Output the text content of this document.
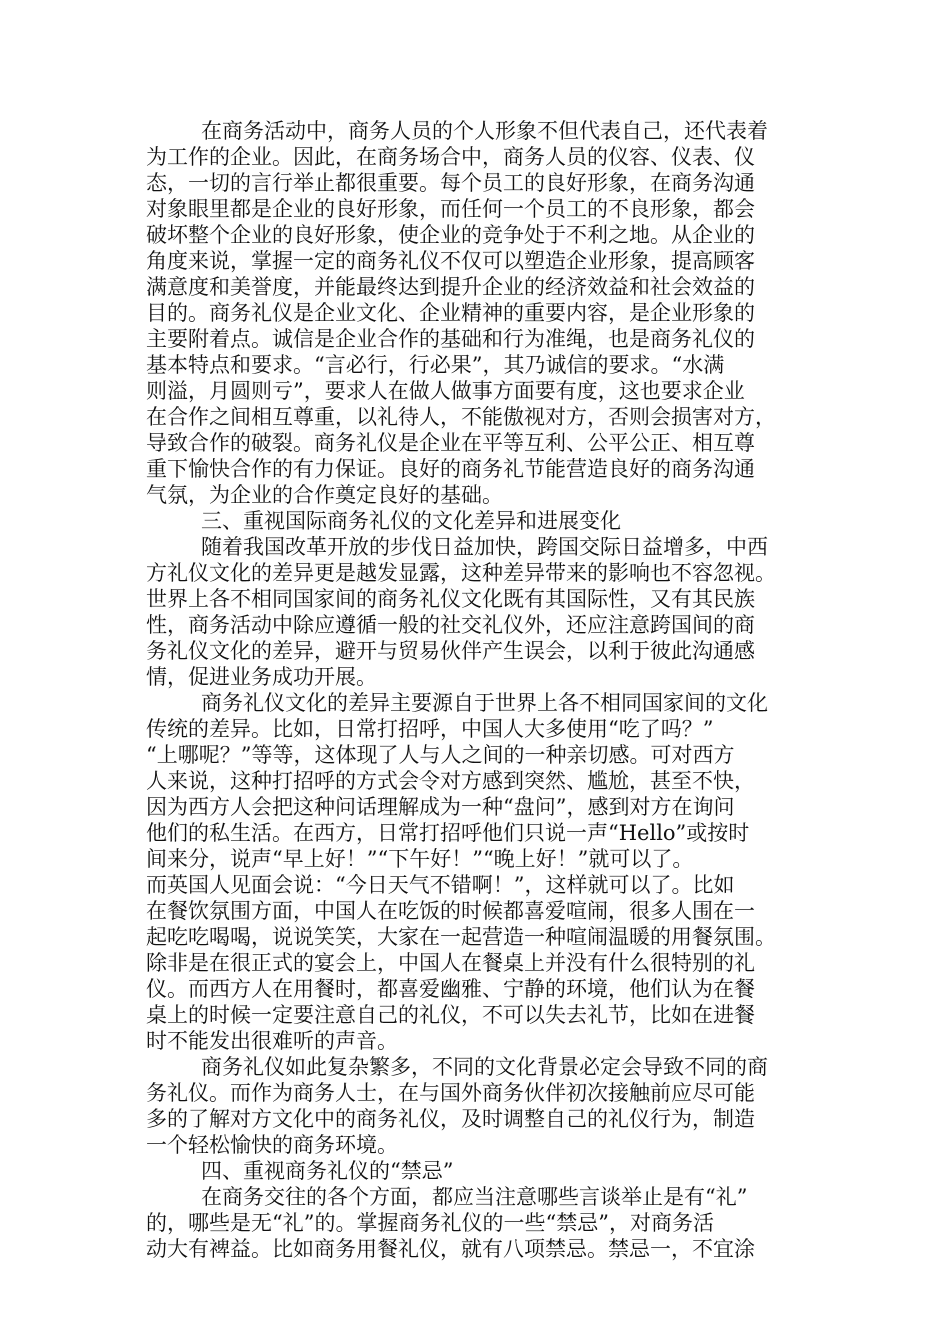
在商务活动中，商务人员的个人形象不但代表自己，还代表着
为工作的企业。因此，在商务场合中，商务人员的仪容、仪表、仪
态，一切的言行举止都很重要。每个员工的良好形象，在商务沟通
对象眼里都是企业的良好形象，而任何一个员工的不良形象，都会
破坏整个企业的良好形象，使企业的竞争处于不利之地。从企业的
角度来说，掌握一定的商务礼仪不仅可以塑造企业形象，提高顾客
满意度和美誉度，并能最终达到提升企业的经济效益和社会效益的
目的。商务礼仪是企业文化、企业精神的重要内容，是企业形象的
主要附着点。诚信是企业合作的基础和行为准绳，也是商务礼仪的
基本特点和要求。“言必行，行必果”，其乃诚信的要求。“水满
则溢，月圆则亏”，要求人在做人做事方面要有度，这也要求企业
在合作之间相互尊重，以礼待人，不能傲视对方，否则会损害对方，
导致合作的破裂。商务礼仪是企业在平等互利、公平公正、相互尊
重下愉快合作的有力保证。良好的商务礼节能营造良好的商务沟通
气氛，为企业的合作奠定良好的基础。
三、重视国际商务礼仪的文化差异和进展变化
随着我国改革开放的步伐日益加快，跨国交际日益增多，中西
方礼仪文化的差异更是越发显露，这种差异带来的影响也不容忽视。
世界上各不相同国家间的商务礼仪文化既有其国际性，又有其民族
性，商务活动中除应遵循一般的社交礼仪外，还应注意跨国间的商
务礼仪文化的差异，避开与贸易伙伴产生误会，以利于彼此沟通感
情，促进业务成功开展。
商务礼仪文化的差异主要源自于世界上各不相同国家间的文化
传统的差异。比如，日常打招呼，中国人大多使用“吃了吗？”
“上哪呢？”等等，这体现了人与人之间的一种亲切感。可对西方
人来说，这种打招呼的方式会令对方感到突然、尴尬，甚至不快，
因为西方人会把这种问话理解成为一种“盘问”，感到对方在询问
他们的私生活。在西方，日常打招呼他们只说一声“Hello”或按时
间来分，说声“早上好！”“下午好！”“晚上好！”就可以了。
而英国人见面会说：“今日天气不错啊！”，这样就可以了。比如
在餐饮氛围方面，中国人在吃饭的时候都喜爱喧闹，很多人围在一
起吃吃喝喝，说说笑笑，大家在一起营造一种喧闹温暖的用餐氛围。
除非是在很正式的宴会上，中国人在餐桌上并没有什么很特别的礼
仪。而西方人在用餐时，都喜爱幽雅、宁静的环境，他们认为在餐
桌上的时候一定要注意自己的礼仪，不可以失去礼节，比如在进餐
时不能发出很难听的声音。
商务礼仪如此复杂繁多，不同的文化背景必定会导致不同的商
务礼仪。而作为商务人士，在与国外商务伙伴初次接触前应尽可能
多的了解对方文化中的商务礼仪，及时调整自己的礼仪行为，制造
一个轻松愉快的商务环境。
四、重视商务礼仪的“禁忌”
在商务交往的各个方面，都应当注意哪些言谈举止是有“礼”
的，哪些是无“礼”的。掌握商务礼仪的一些“禁忌”，对商务活
动大有裨益。比如商务用餐礼仪，就有八项禁忌。禁忌一，不宜涂
